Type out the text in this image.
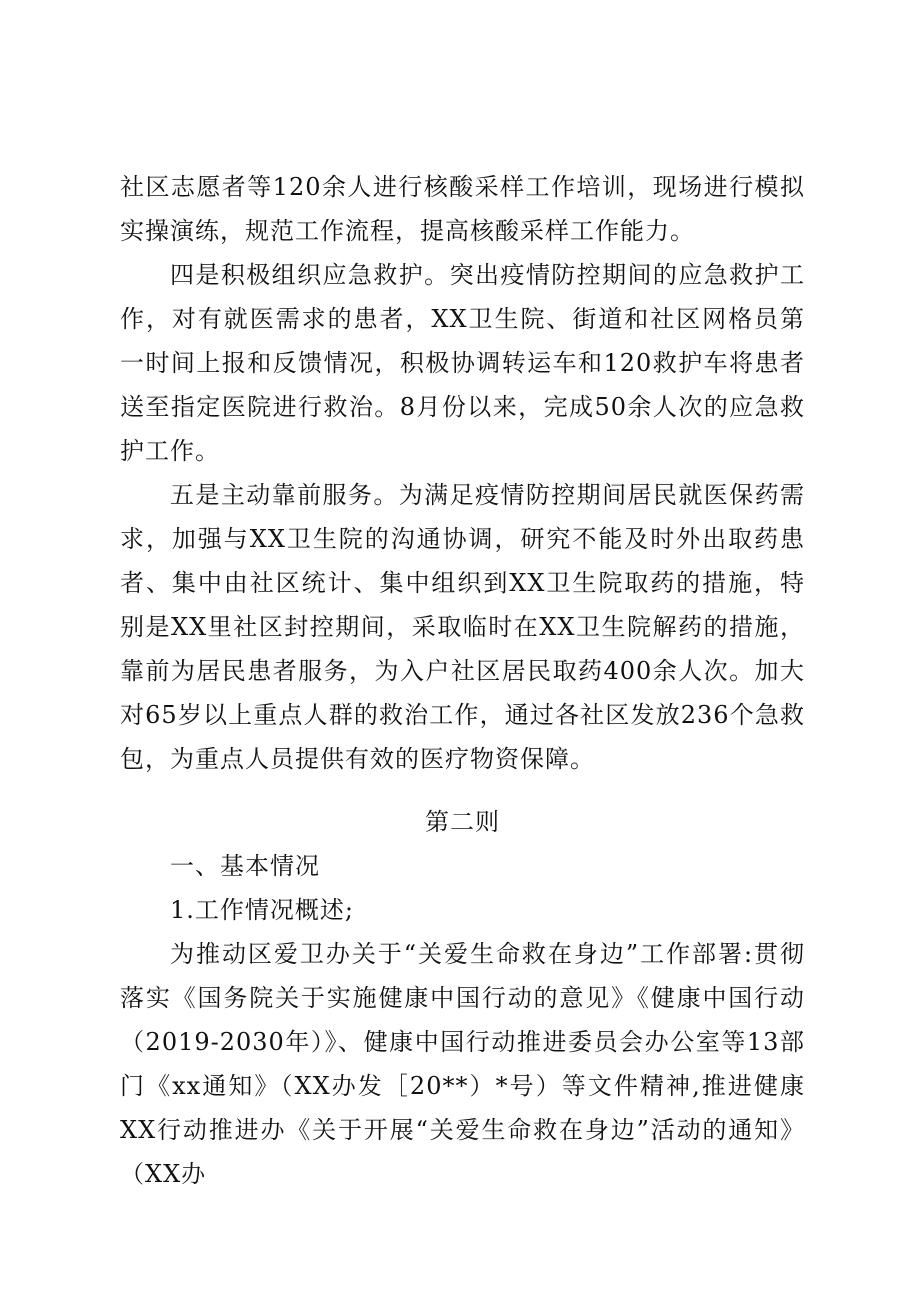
社区志愿者等120余人进行核酸采样工作培训，现场进行模拟实操演练，规范工作流程，提高核酸采样工作能力。

四是积极组织应急救护。突出疫情防控期间的应急救护工作，对有就医需求的患者，XX卫生院、街道和社区网格员第一时间上报和反馈情况，积极协调转运车和120救护车将患者送至指定医院进行救治。8月份以来，完成50余人次的应急救护工作。

五是主动靠前服务。为满足疫情防控期间居民就医保药需求，加强与XX卫生院的沟通协调，研究不能及时外出取药患者、集中由社区统计、集中组织到XX卫生院取药的措施，特别是XX里社区封控期间，采取临时在XX卫生院解药的措施，靠前为居民患者服务，为入户社区居民取药400余人次。加大对65岁以上重点人群的救治工作，通过各社区发放236个急救包，为重点人员提供有效的医疗物资保障。

第二则

一、基本情况

1.工作情况概述;

为推动区爱卫办关于“关爱生命救在身边”工作部署:贯彻落实《国务院关于实施健康中国行动的意见》《健康中国行动（2019-2030年）》、健康中国行动推进委员会办公室等13部门《xx通知》（XX办发［20**）*号）等文件精神,推进健康XX行动推进办《关于开展“关爱生命救在身边”活动的通知》（XX办
